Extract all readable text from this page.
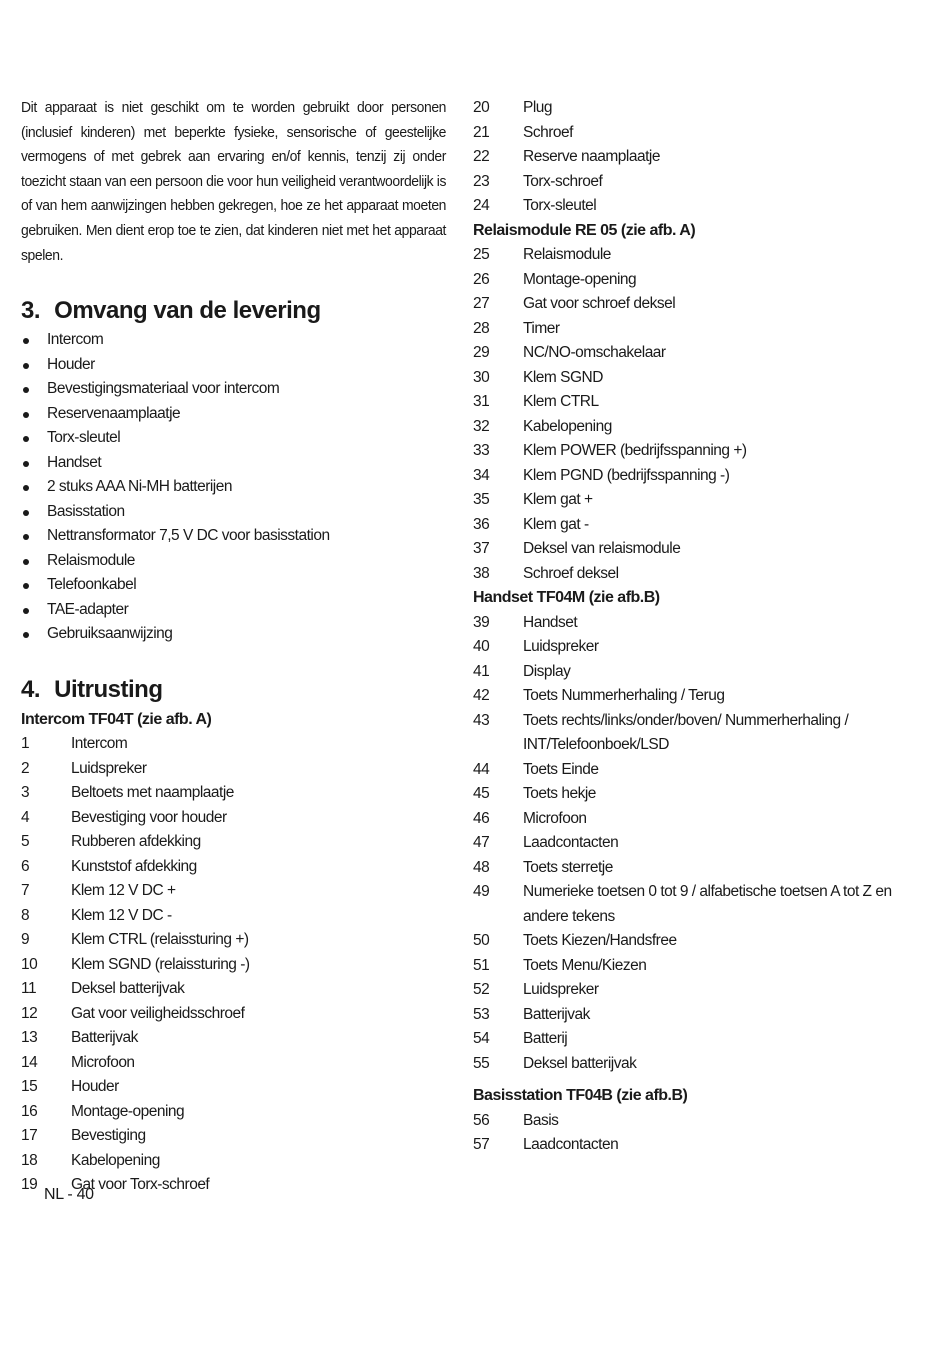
Dit apparaat is niet geschikt om te worden gebruikt door personen (inclusief kinderen) met beperkte fysieke, sensorische of geestelijke vermogens of met gebrek aan ervaring en/of kennis, tenzij zij onder toezicht staan van een persoon die voor hun veiligheid verantwoordelijk is of van hem aanwijzingen hebben gekregen, hoe ze het apparaat moeten gebruiken. Men dient erop toe te zien, dat kinderen niet met het apparaat spelen.

3. Omvang van de levering
Intercom
Houder
Bevestigingsmateriaal voor intercom
Reservenaamplaatje
Torx-sleutel
Handset
2 stuks AAA Ni-MH batterijen
Basisstation
Nettransformator 7,5 V DC voor basisstation
Relaismodule
Telefoonkabel
TAE-adapter
Gebruiksaanwijzing
4. Uitrusting
Intercom TF04T (zie afb. A)
1	Intercom
2	Luidspreker
3	Beltoets met naamplaatje
4	Bevestiging voor houder
5	Rubberen afdekking
6	Kunststof afdekking
7	Klem 12 V DC +
8	Klem 12 V DC -
9	Klem CTRL (relaissturing +)
10	Klem SGND (relaissturing -)
11	Deksel batterijvak
12	Gat voor veiligheidsschroef
13	Batterijvak
14	Microfoon
15	Houder
16	Montage-opening
17	Bevestiging
18	Kabelopening
19	Gat voor Torx-schroef
20	Plug
21	Schroef
22	Reserve naamplaatje
23	Torx-schroef
24	Torx-sleutel
Relaismodule RE 05 (zie afb. A)
25	Relaismodule
26	Montage-opening
27	Gat voor schroef deksel
28	Timer
29	NC/NO-omschakelaar
30	Klem SGND
31	Klem CTRL
32	Kabelopening
33	Klem POWER (bedrijfsspanning +)
34	Klem PGND (bedrijfsspanning -)
35	Klem gat +
36	Klem gat -
37	Deksel van relaismodule
38	Schroef deksel
Handset TF04M (zie afb.B)
39	Handset
40	Luidspreker
41	Display
42	Toets Nummerherhaling / Terug
43	Toets rechts/links/onder/boven/ Nummerherhaling / INT/Telefoonboek/LSD
44	Toets Einde
45	Toets hekje
46	Microfoon
47	Laadcontacten
48	Toets sterretje
49	Numerieke toetsen 0 tot 9 / alfabetische toetsen A tot Z en andere tekens
50	Toets Kiezen/Handsfree
51	Toets Menu/Kiezen
52	Luidspreker
53	Batterijvak
54	Batterij
55	Deksel batterijvak
Basisstation TF04B (zie afb.B)
56	Basis
57	Laadcontacten
NL - 40
